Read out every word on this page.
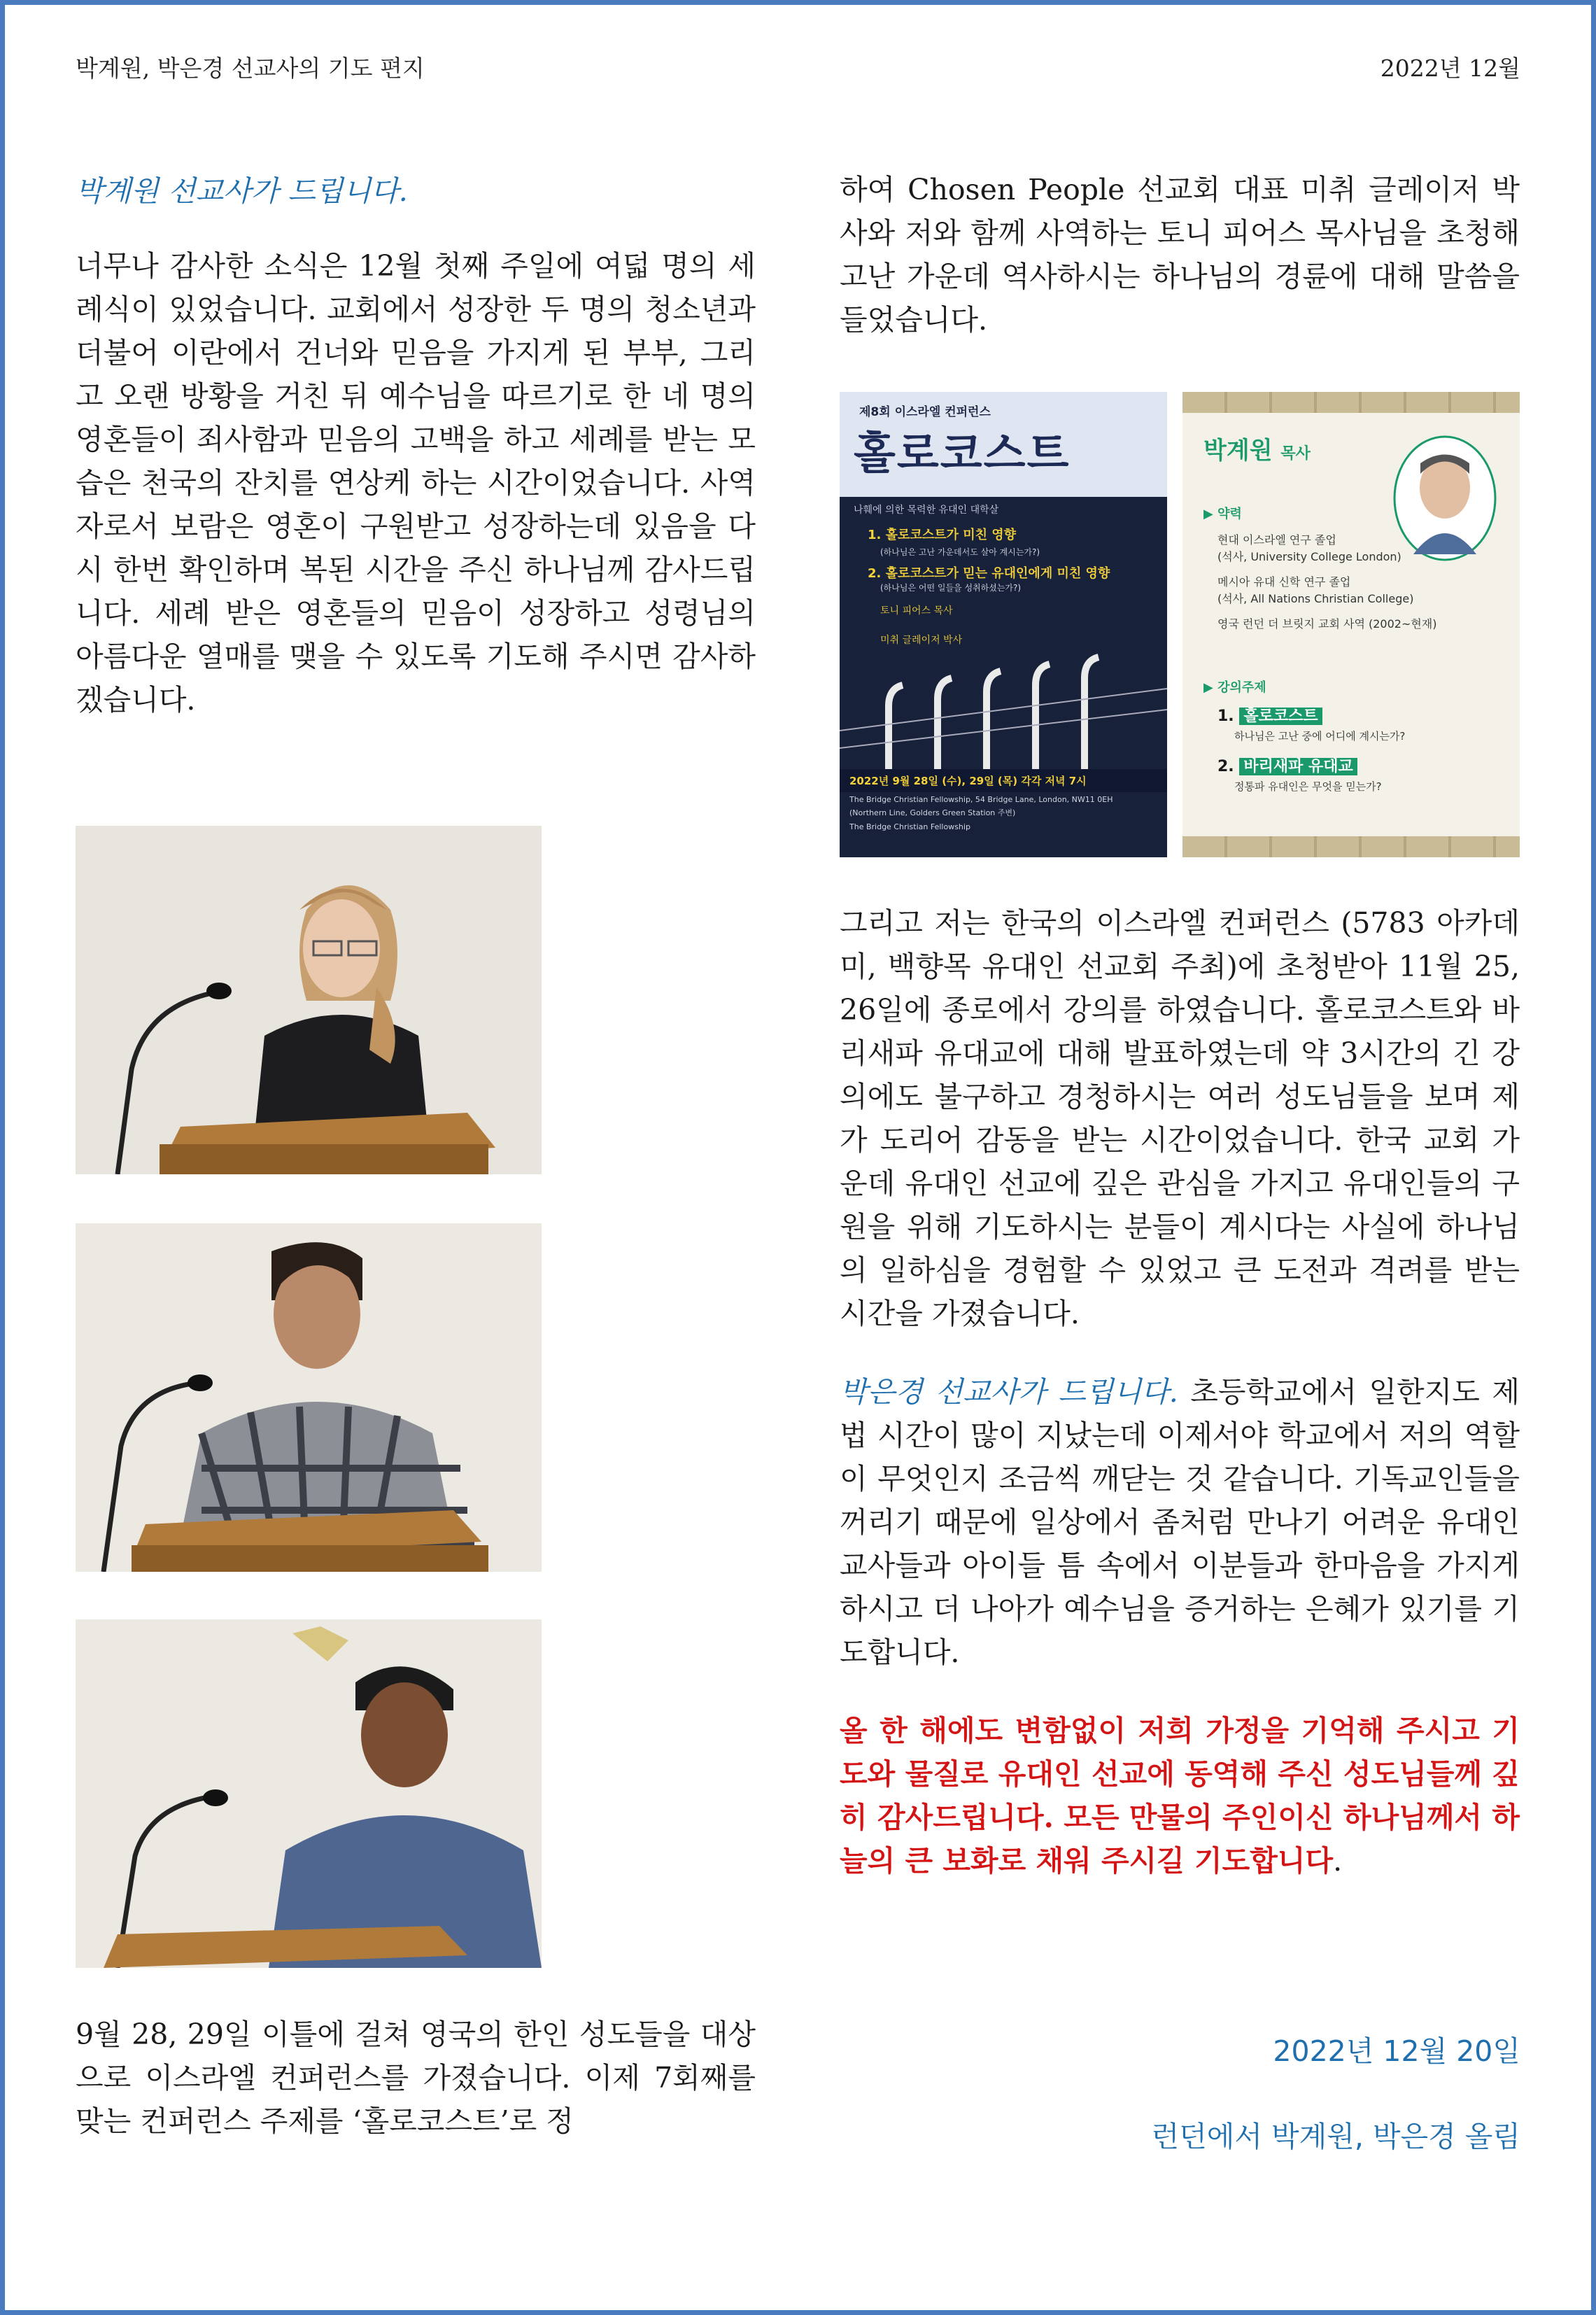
박계원, 박은경 선교사의 기도 편지	2022년 12월
박계원 선교사가 드립니다.

너무나 감사한 소식은 12월 첫째 주일에 여덟 명의 세례식이 있었습니다. 교회에서 성장한 두 명의 청소년과 더불어 이란에서 건너와 믿음을 가지게 된 부부, 그리고 오랜 방황을 거친 뒤 예수님을 따르기로 한 네 명의 영혼들이 죄사함과 믿음의 고백을 하고 세례를 받는 모습은 천국의 잔치를 연상케 하는 시간이었습니다. 사역자로서 보람은 영혼이 구원받고 성장하는데 있음을 다시 한번 확인하며 복된 시간을 주신 하나님께 감사드립니다. 세례 받은 영혼들의 믿음이 성장하고 성령님의 아름다운 열매를 맺을 수 있도록 기도해 주시면 감사하겠습니다.

9월 28, 29일 이틀에 걸쳐 영국의 한인 성도들을 대상으로 이스라엘 컨퍼런스를 가졌습니다. 이제 7회째를 맞는 컨퍼런스 주제를 ‘홀로코스트’로 정

하여 Chosen People 선교회 대표 미취 글레이저 박사와 저와 함께 사역하는 토니 피어스 목사님을 초청해 고난 가운데 역사하시는 하나님의 경륜에 대해 말씀을 들었습니다.

제8회 이스라엘 컨퍼런스
홀로코스트
나훼에 의한 목력한 유대인 대학살
1. 홀로코스트가 미친 영향
(하나님은 고난 가운데서도 살아 계시는가?)
2. 홀로코스트가 믿는 유대인에게 미친 영향
(하나님은 어떤 일들을 성취하셨는가?)
토니 피어스 목사
미취 글레이저 박사
2022년 9월 28일 (수), 29일 (목) 각각 저녁 7시
The Bridge Christian Fellowship, 54 Bridge Lane, London, NW11 0EH
(Northern Line, Golders Green Station 주변)
The Bridge Christian Fellowship
박계원 목사
▶ 약력
현대 이스라엘 연구 졸업
(석사, University College London)
메시아 유대 신학 연구 졸업
(석사, All Nations Christian College)
영국 런던 더 브릿지 교회 사역 (2002~현재)
▶ 강의주제
1. 홀로코스트
하나님은 고난 중에 어디에 계시는가?
2. 바리새파 유대교
정통파 유대인은 무엇을 믿는가?

그리고 저는 한국의 이스라엘 컨퍼런스 (5783 아카데미, 백향목 유대인 선교회 주최)에 초청받아 11월 25, 26일에 종로에서 강의를 하였습니다. 홀로코스트와 바리새파 유대교에 대해 발표하였는데 약 3시간의 긴 강의에도 불구하고 경청하시는 여러 성도님들을 보며 제가 도리어 감동을 받는 시간이었습니다. 한국 교회 가운데 유대인 선교에 깊은 관심을 가지고 유대인들의 구원을 위해 기도하시는 분들이 계시다는 사실에 하나님의 일하심을 경험할 수 있었고 큰 도전과 격려를 받는 시간을 가졌습니다.

박은경 선교사가 드립니다. 초등학교에서 일한지도 제법 시간이 많이 지났는데 이제서야 학교에서 저의 역할이 무엇인지 조금씩 깨닫는 것 같습니다. 기독교인들을 꺼리기 때문에 일상에서 좀처럼 만나기 어려운 유대인 교사들과 아이들 틈 속에서 이분들과 한마음을 가지게 하시고 더 나아가 예수님을 증거하는 은혜가 있기를 기도합니다.

올 한 해에도 변함없이 저희 가정을 기억해 주시고 기도와 물질로 유대인 선교에 동역해 주신 성도님들께 깊히 감사드립니다. 모든 만물의 주인이신 하나님께서 하늘의 큰 보화로 채워 주시길 기도합니다.

2022년 12월 20일
런던에서 박계원, 박은경 올림
